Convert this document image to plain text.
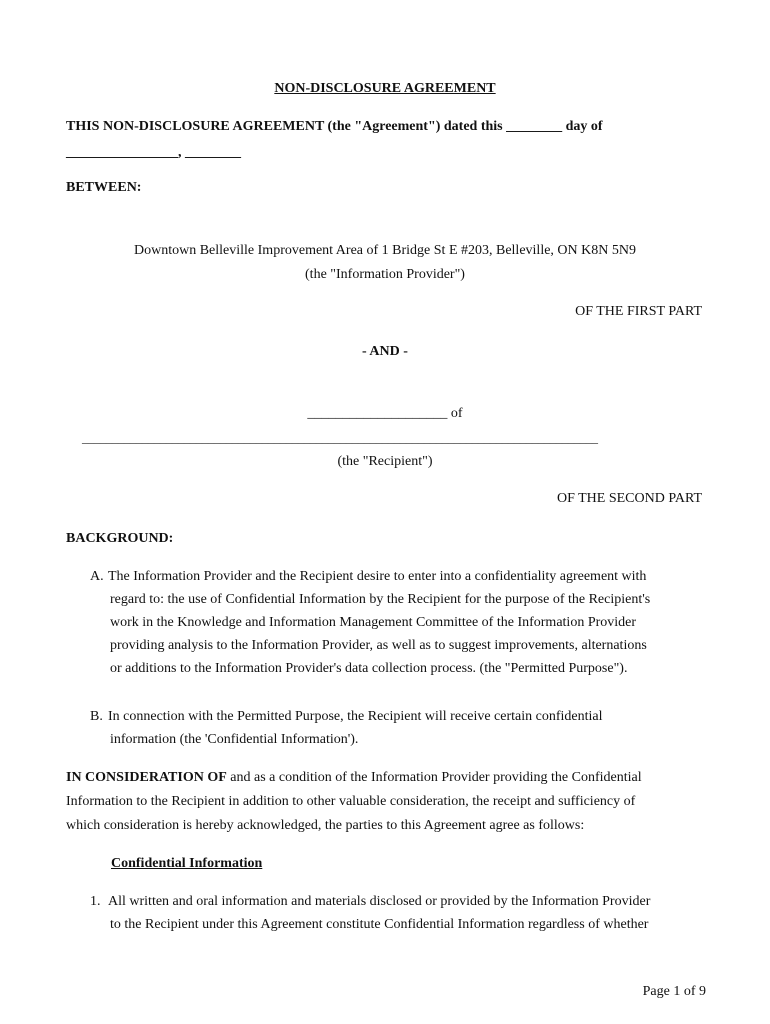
NON-DISCLOSURE AGREEMENT
THIS NON-DISCLOSURE AGREEMENT (the "Agreement") dated this ________ day of
________________, ________
BETWEEN:
Downtown Belleville Improvement Area of 1 Bridge St E #203, Belleville, ON K8N 5N9
(the "Information Provider")
OF THE FIRST PART
- AND -
____________________ of
______________________________________________________________________________________
(the "Recipient")
OF THE SECOND PART
BACKGROUND:
A. The Information Provider and the Recipient desire to enter into a confidentiality agreement with
regard to: the use of Confidential Information by the Recipient for the purpose of the Recipient's
work in the Knowledge and Information Management Committee of the Information Provider
providing analysis to the Information Provider, as well as to suggest improvements, alternations
or additions to the Information Provider's data collection process. (the "Permitted Purpose").
B. In connection with the Permitted Purpose, the Recipient will receive certain confidential
information (the 'Confidential Information').
IN CONSIDERATION OF and as a condition of the Information Provider providing the Confidential
Information to the Recipient in addition to other valuable consideration, the receipt and sufficiency of
which consideration is hereby acknowledged, the parties to this Agreement agree as follows:
Confidential Information
1. All written and oral information and materials disclosed or provided by the Information Provider
to the Recipient under this Agreement constitute Confidential Information regardless of whether
Page 1 of 9
